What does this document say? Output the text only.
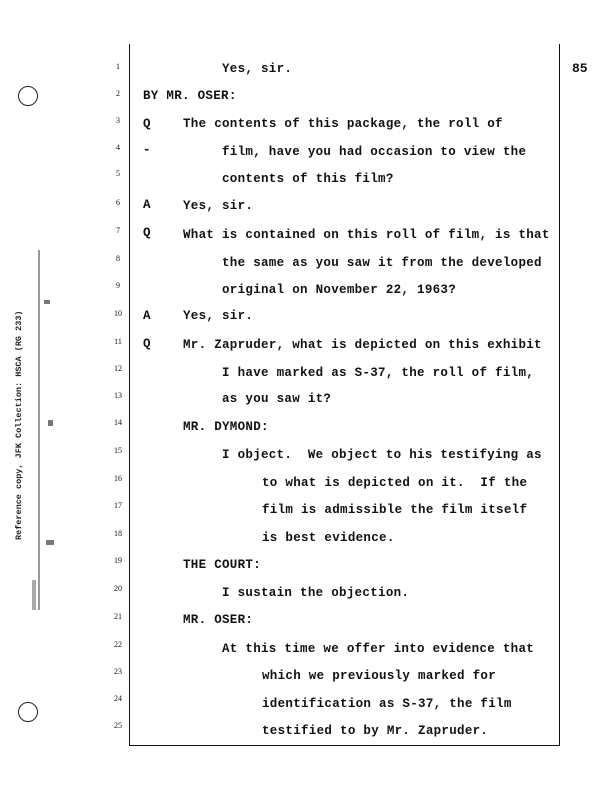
85
Reference copy, JFK Collection: HSCA (RG 233)
1
2
3
4
5
6
7
8
9
10
11
12
13
14
15
16
17
18
19
20
21
22
23
24
25
Q
-
A
Q
A
Q
Yes, sir.
BY MR. OSER:
The contents of this package, the roll of
film, have you had occasion to view the
contents of this film?
Yes, sir.
What is contained on this roll of film, is that
the same as you saw it from the developed
original on November 22, 1963?
Yes, sir.
Mr. Zapruder, what is depicted on this exhibit
I have marked as S-37, the roll of film,
as you saw it?
MR. DYMOND:
I object.  We object to his testifying as
to what is depicted on it.  If the
film is admissible the film itself
is best evidence.
THE COURT:
I sustain the objection.
MR. OSER:
At this time we offer into evidence that
which we previously marked for
identification as S-37, the film
testified to by Mr. Zapruder.
